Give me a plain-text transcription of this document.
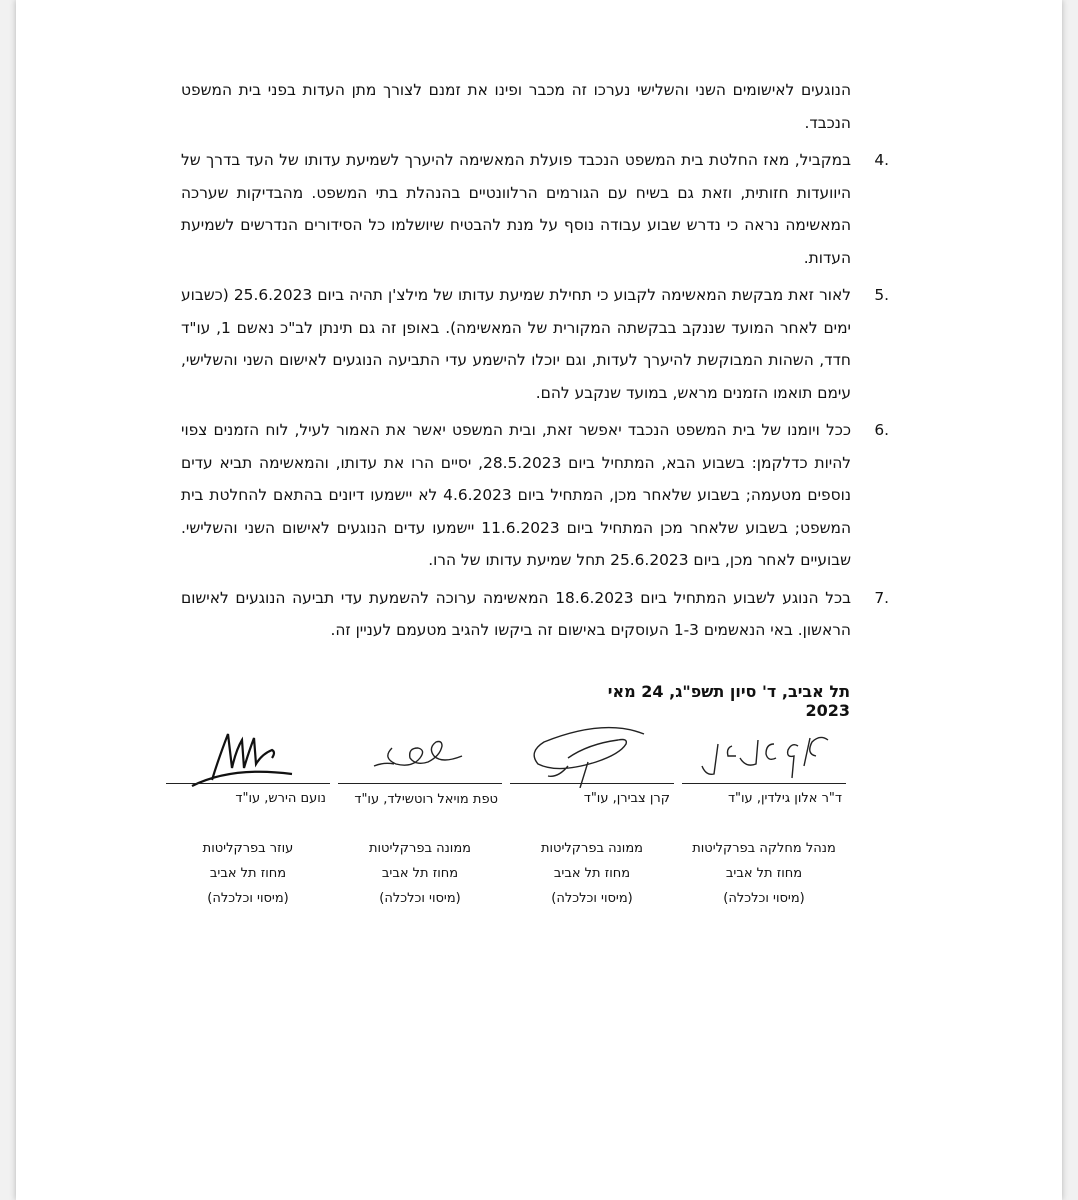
הנוגעים לאישומים השני והשלישי נערכו זה מכבר ופינו את זמנם לצורך מתן העדות בפני בית המשפט הנכבד.

4.
במקביל, מאז החלטת בית המשפט הנכבד פועלת המאשימה להיערך לשמיעת עדותו של העד בדרך של היוועדות חזותית, וזאת גם בשיח עם הגורמים הרלוונטיים בהנהלת בתי המשפט. מהבדיקות שערכה המאשימה נראה כי נדרש שבוע עבודה נוסף על מנת להבטיח שיושלמו כל הסידורים הנדרשים לשמיעת העדות.

5.
לאור זאת מבקשת המאשימה לקבוע כי תחילת שמיעת עדותו של מילצ'ן תהיה ביום 25.6.2023 (כשבוע ימים לאחר המועד שננקב בבקשתה המקורית של המאשימה). באופן זה גם תינתן לב"כ נאשם 1, עו"ד חדד, השהות המבוקשת להיערך לעדות, וגם יוכלו להישמע עדי התביעה הנוגעים לאישום השני והשלישי, עימם תואמו הזמנים מראש, במועד שנקבע להם.

6.
ככל ויומנו של בית המשפט הנכבד יאפשר זאת, ובית המשפט יאשר את האמור לעיל, לוח הזמנים צפוי להיות כדלקמן: בשבוע הבא, המתחיל ביום 28.5.2023, יסיים הרו את עדותו, והמאשימה תביא עדים נוספים מטעמה; בשבוע שלאחר מכן, המתחיל ביום 4.6.2023 לא יישמעו דיונים בהתאם להחלטת בית המשפט; בשבוע שלאחר מכן המתחיל ביום 11.6.2023 יישמעו עדים הנוגעים לאישום השני והשלישי. שבועיים לאחר מכן, ביום 25.6.2023 תחל שמיעת עדותו של הרו.

7.
בכל הנוגע לשבוע המתחיל ביום 18.6.2023 המאשימה ערוכה להשמעת עדי תביעה הנוגעים לאישום הראשון. באי הנאשמים 1-3 העוסקים באישום זה ביקשו להגיב מטעמם לעניין זה.

תל אביב, ד' סיון תשפ"ג, 24 מאי 2023
ד"ר אלון גילדין, עו"ד
מנהל מחלקה בפרקליטות
מחוז תל אביב
(מיסוי וכלכלה)
קרן צבירן, עו"ד
ממונה בפרקליטות
מחוז תל אביב
(מיסוי וכלכלה)
טפת מויאל רוטשילד, עו"ד
ממונה בפרקליטות
מחוז תל אביב
(מיסוי וכלכלה)
נועם הירש, עו"ד
עוזר בפרקליטות
מחוז תל אביב
(מיסוי וכלכלה)
